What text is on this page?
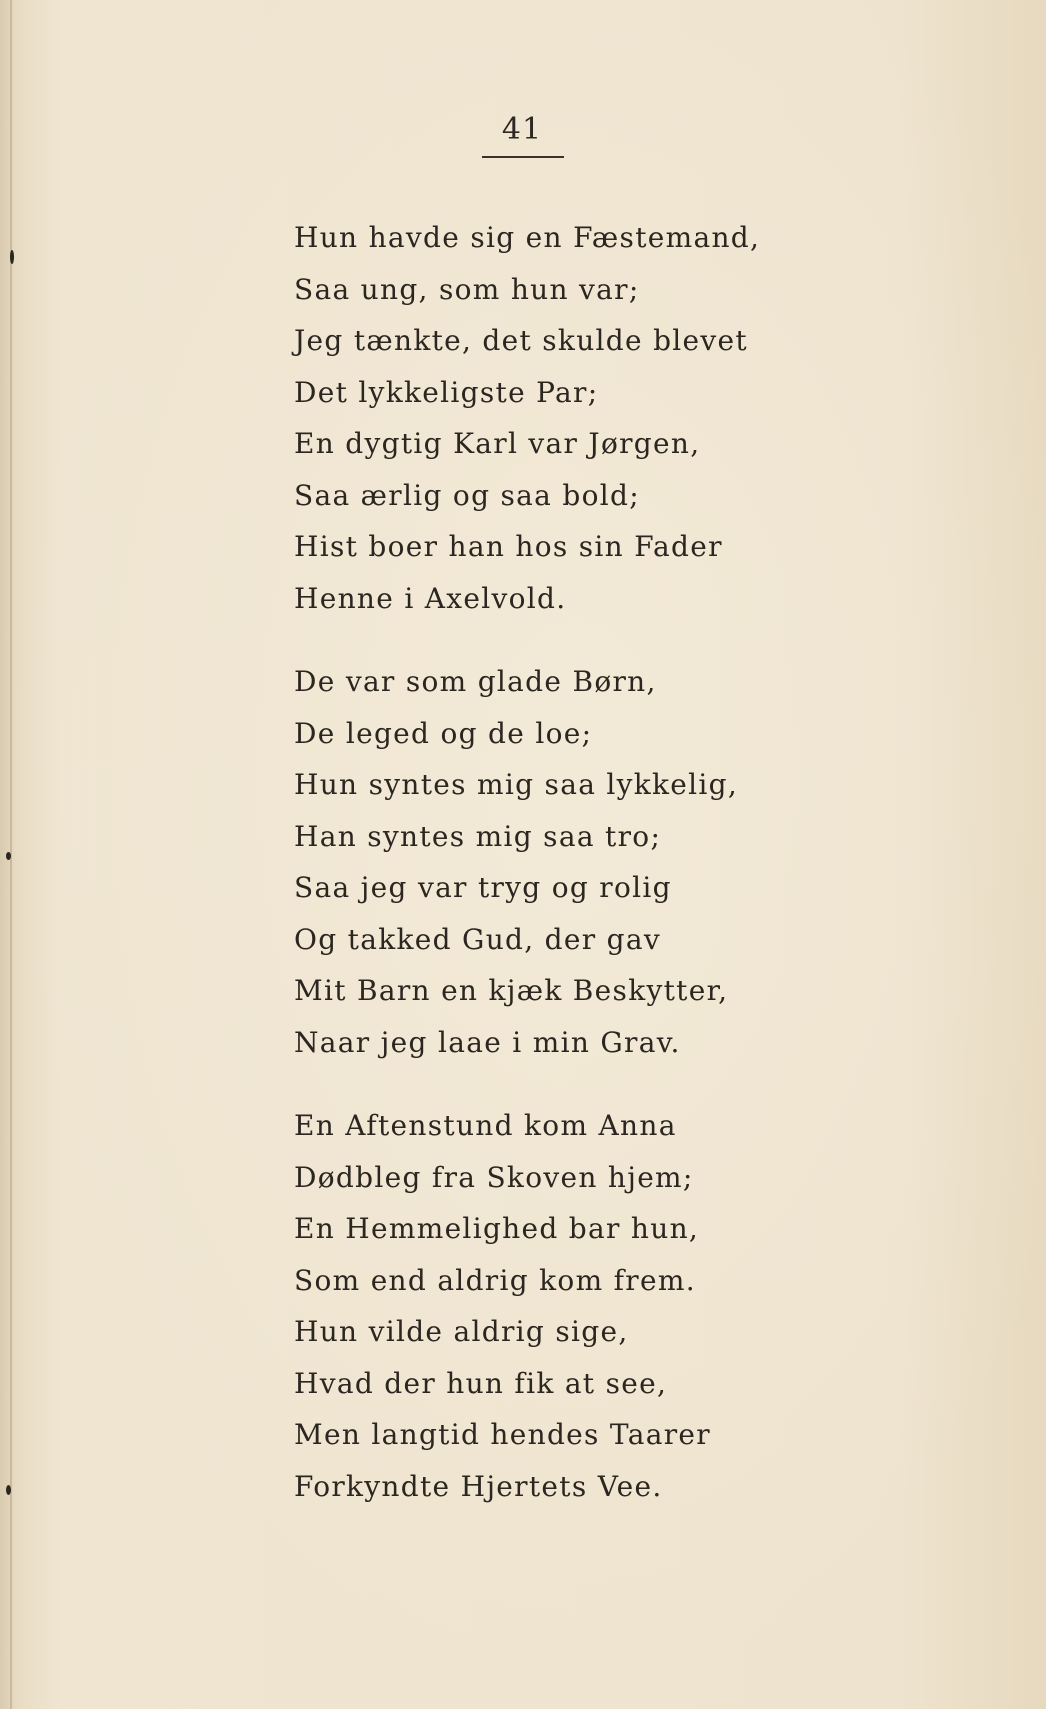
41
Hun havde sig en Fæstemand,
Saa ung, som hun var;
Jeg tænkte, det skulde blevet
Det lykkeligste Par;
En dygtig Karl var Jørgen,
Saa ærlig og saa bold;
Hist boer han hos sin Fader
Henne i Axelvold.
De var som glade Børn,
De leged og de loe;
Hun syntes mig saa lykkelig,
Han syntes mig saa tro;
Saa jeg var tryg og rolig
Og takked Gud, der gav
Mit Barn en kjæk Beskytter,
Naar jeg laae i min Grav.
En Aftenstund kom Anna
Dødbleg fra Skoven hjem;
En Hemmelighed bar hun,
Som end aldrig kom frem.
Hun vilde aldrig sige,
Hvad der hun fik at see,
Men langtid hendes Taarer
Forkyndte Hjertets Vee.
